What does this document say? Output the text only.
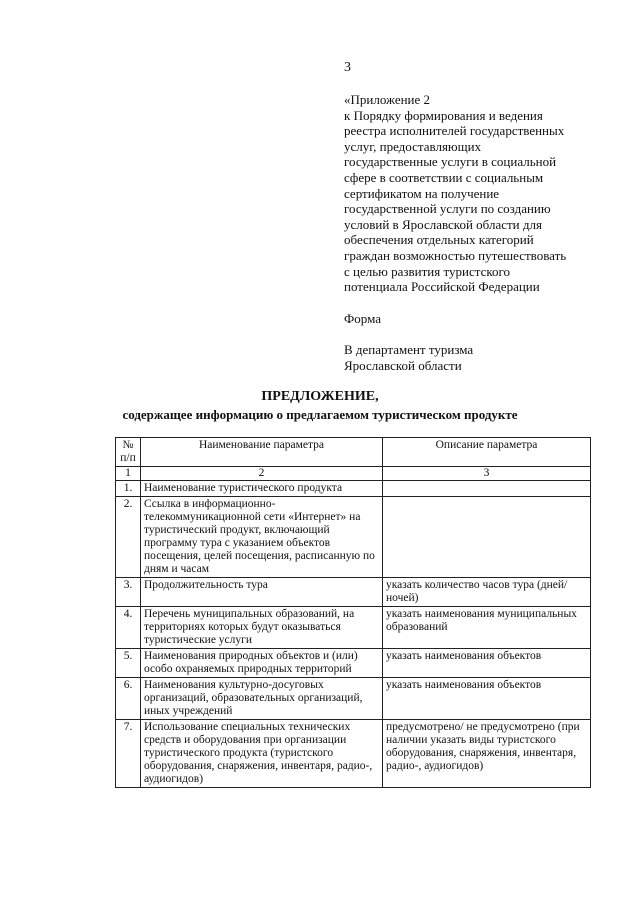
3
«Приложение 2
к Порядку формирования и ведения
реестра исполнителей государственных
услуг, предоставляющих
государственные услуги в социальной
сфере в соответствии с социальным
сертификатом на получение
государственной услуги по созданию
условий в Ярославской области для
обеспечения отдельных категорий
граждан возможностью путешествовать
с целью развития туристского
потенциала Российской Федерации
Форма
В департамент туризма
Ярославской области
ПРЕДЛОЖЕНИЕ,
содержащее информацию о предлагаемом туристическом продукте
№ п/п	Наименование параметра	Описание параметра
1	2	3
1.	Наименование туристического продукта	
2.	Ссылка в информационно-телекоммуникационной сети «Интернет» на туристический продукт, включающий программу тура с указанием объектов посещения, целей посещения, расписанную по дням и часам	
3.	Продолжительность тура	указать количество часов тура (дней/ночей)
4.	Перечень муниципальных образований, на территориях которых будут оказываться туристические услуги	указать наименования муниципальных образований
5.	Наименования природных объектов и (или) особо охраняемых природных территорий	указать наименования объектов
6.	Наименования культурно-досуговых организаций, образовательных организаций, иных учреждений	указать наименования объектов
7.	Использование специальных технических средств и оборудования при организации туристического продукта (туристского оборудования, снаряжения, инвентаря, радио-, аудиогидов)	предусмотрено/ не предусмотрено (при наличии указать виды туристского оборудования, снаряжения, инвентаря, радио-, аудиогидов)
